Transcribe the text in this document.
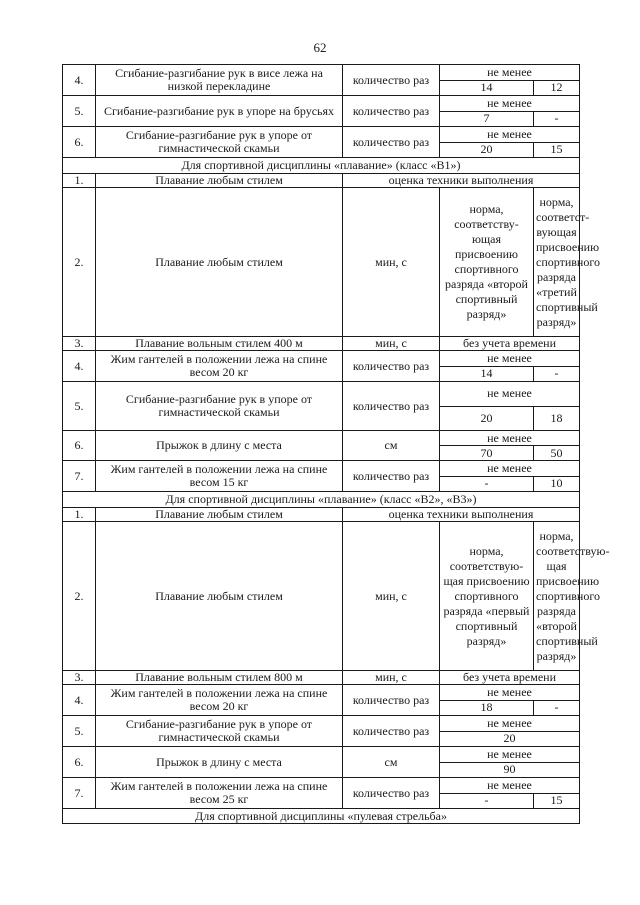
62
4.	Сгибание-разгибание рук в висе лежа на низкой перекладине	количество раз	не менее	
			14	12
5.	Сгибание-разгибание рук в упоре на брусьях	количество раз	не менее	
			7	-
6.	Сгибание-разгибание рук в упоре от гимнастической скамьи	количество раз	не менее	
			20	15
Для спортивной дисциплины «плавание» (класс «В1»)				
1.	Плавание любым стилем	оценка техники выполнения		
2.	Плавание любым стилем	мин, с	норма, соответству-ющая присвоению спортивного разряда «второй спортивный разряд»	норма, соответст-вующая присвоению спортивного разряда «третий спортивный разряд»
3.	Плавание вольным стилем 400 м	мин, с	без учета времени	
4.	Жим гантелей в положении лежа на спине весом 20 кг	количество раз	не менее	
			14	-
5.	Сгибание-разгибание рук в упоре от гимнастической скамьи	количество раз	не менее	
			20	18
6.	Прыжок в длину с места	см	не менее	
			70	50
7.	Жим гантелей в положении лежа на спине весом 15 кг	количество раз	не менее	
			-	10
Для спортивной дисциплины «плавание» (класс «В2», «В3»)				
1.	Плавание любым стилем	оценка техники выполнения		
2.	Плавание любым стилем	мин, с	норма, соответствую-щая присвоению спортивного разряда «первый спортивный разряд»	норма, соответствую-щая присвоению спортивного разряда «второй спортивный разряд»
3.	Плавание вольным стилем 800 м	мин, с	без учета времени	
4.	Жим гантелей в положении лежа на спине весом 20 кг	количество раз	не менее	
			18	-
5.	Сгибание-разгибание рук в упоре от гимнастической скамьи	количество раз	не менее	
			20	
6.	Прыжок в длину с места	см	не менее	
			90	
7.	Жим гантелей в положении лежа на спине весом 25 кг	количество раз	не менее	
			-	15
Для спортивной дисциплины «пулевая стрельба»				
